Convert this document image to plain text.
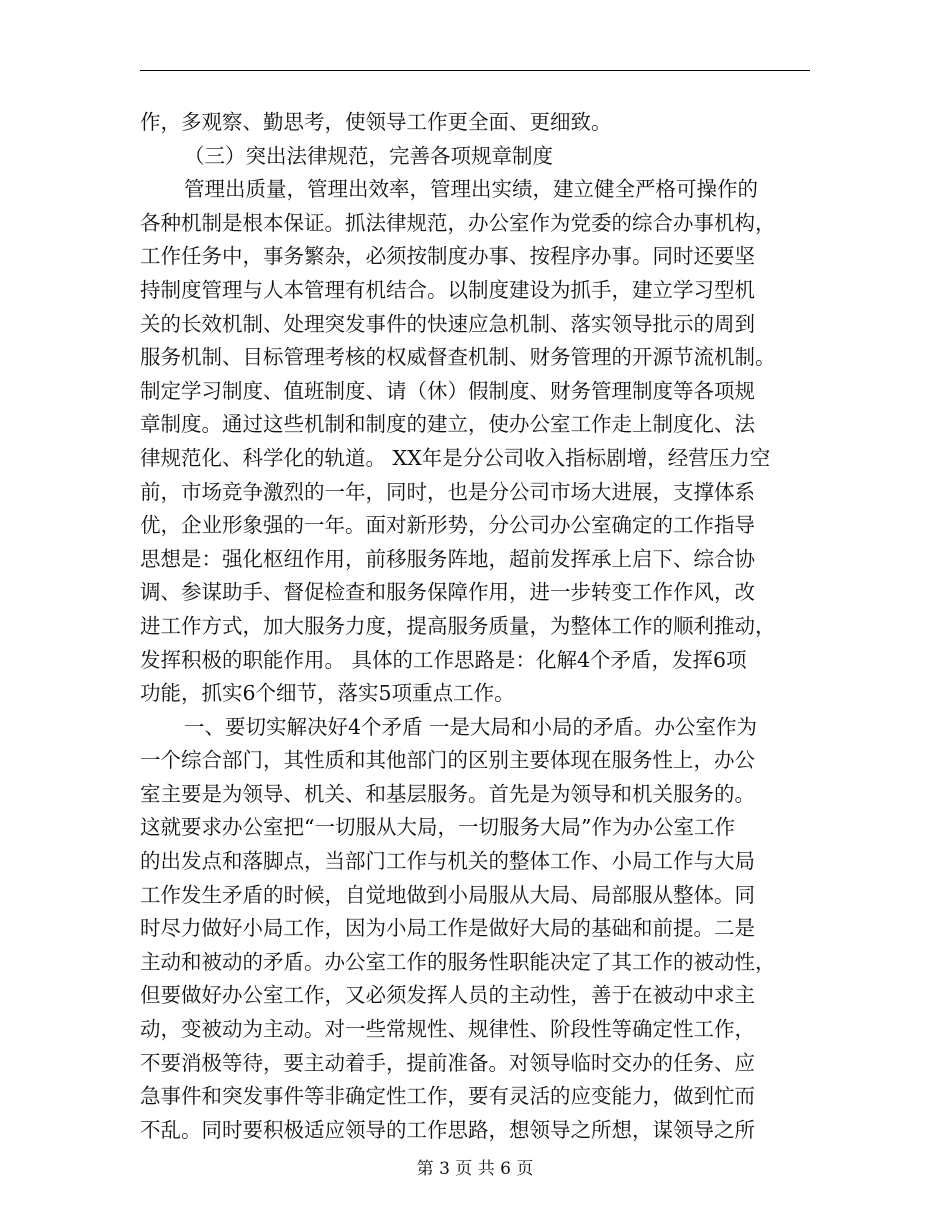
作，多观察、勤思考，使领导工作更全面、更细致。
（三）突出法律规范，完善各项规章制度
管理出质量，管理出效率，管理出实绩，建立健全严格可操作的
各种机制是根本保证。抓法律规范，办公室作为党委的综合办事机构，
工作任务中，事务繁杂，必须按制度办事、按程序办事。同时还要坚
持制度管理与人本管理有机结合。以制度建设为抓手，建立学习型机
关的长效机制、处理突发事件的快速应急机制、落实领导批示的周到
服务机制、目标管理考核的权威督查机制、财务管理的开源节流机制。
制定学习制度、值班制度、请（休）假制度、财务管理制度等各项规
章制度。通过这些机制和制度的建立，使办公室工作走上制度化、法
律规范化、科学化的轨道。 XX年是分公司收入指标剧增，经营压力空
前，市场竞争激烈的一年，同时，也是分公司市场大进展，支撑体系
优，企业形象强的一年。面对新形势，分公司办公室确定的工作指导
思想是：强化枢纽作用，前移服务阵地，超前发挥承上启下、综合协
调、参谋助手、督促检查和服务保障作用，进一步转变工作作风，改
进工作方式，加大服务力度，提高服务质量，为整体工作的顺利推动，
发挥积极的职能作用。 具体的工作思路是：化解4个矛盾，发挥6项
功能，抓实6个细节，落实5项重点工作。
一、要切实解决好4个矛盾 一是大局和小局的矛盾。办公室作为
一个综合部门，其性质和其他部门的区别主要体现在服务性上，办公
室主要是为领导、机关、和基层服务。首先是为领导和机关服务的。
这就要求办公室把“一切服从大局，一切服务大局”作为办公室工作
的出发点和落脚点，当部门工作与机关的整体工作、小局工作与大局
工作发生矛盾的时候，自觉地做到小局服从大局、局部服从整体。同
时尽力做好小局工作，因为小局工作是做好大局的基础和前提。二是
主动和被动的矛盾。办公室工作的服务性职能决定了其工作的被动性，
但要做好办公室工作，又必须发挥人员的主动性，善于在被动中求主
动，变被动为主动。对一些常规性、规律性、阶段性等确定性工作，
不要消极等待，要主动着手，提前准备。对领导临时交办的任务、应
急事件和突发事件等非确定性工作，要有灵活的应变能力，做到忙而
不乱。同时要积极适应领导的工作思路，想领导之所想，谋领导之所
第 3 页 共 6 页
